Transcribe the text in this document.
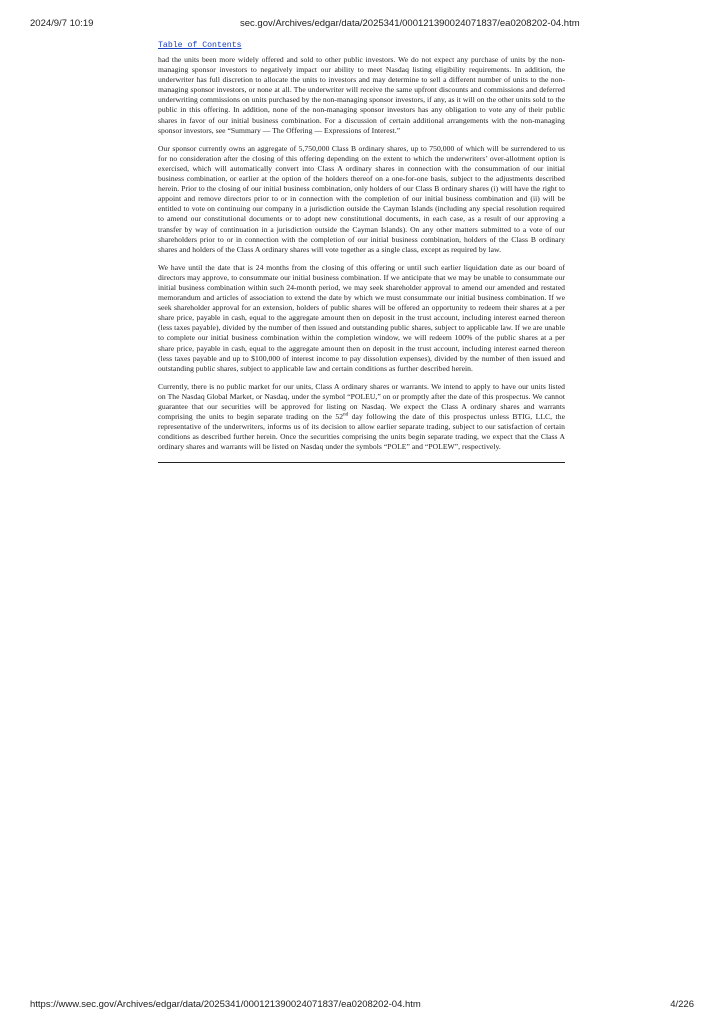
2024/9/7 10:19	sec.gov/Archives/edgar/data/2025341/000121390024071837/ea0208202-04.htm
Table of Contents

had the units been more widely offered and sold to other public investors. We do not expect any purchase of units by the non-managing sponsor investors to negatively impact our ability to meet Nasdaq listing eligibility requirements. In addition, the underwriter has full discretion to allocate the units to investors and may determine to sell a different number of units to the non-managing sponsor investors, or none at all. The underwriter will receive the same upfront discounts and commissions and deferred underwriting commissions on units purchased by the non-managing sponsor investors, if any, as it will on the other units sold to the public in this offering. In addition, none of the non-managing sponsor investors has any obligation to vote any of their public shares in favor of our initial business combination. For a discussion of certain additional arrangements with the non-managing sponsor investors, see “Summary — The Offering — Expressions of Interest.”

Our sponsor currently owns an aggregate of 5,750,000 Class B ordinary shares, up to 750,000 of which will be surrendered to us for no consideration after the closing of this offering depending on the extent to which the underwriters’ over-allotment option is exercised, which will automatically convert into Class A ordinary shares in connection with the consummation of our initial business combination, or earlier at the option of the holders thereof on a one-for-one basis, subject to the adjustments described herein. Prior to the closing of our initial business combination, only holders of our Class B ordinary shares (i) will have the right to appoint and remove directors prior to or in connection with the completion of our initial business combination and (ii) will be entitled to vote on continuing our company in a jurisdiction outside the Cayman Islands (including any special resolution required to amend our constitutional documents or to adopt new constitutional documents, in each case, as a result of our approving a transfer by way of continuation in a jurisdiction outside the Cayman Islands). On any other matters submitted to a vote of our shareholders prior to or in connection with the completion of our initial business combination, holders of the Class B ordinary shares and holders of the Class A ordinary shares will vote together as a single class, except as required by law.

We have until the date that is 24 months from the closing of this offering or until such earlier liquidation date as our board of directors may approve, to consummate our initial business combination. If we anticipate that we may be unable to consummate our initial business combination within such 24-month period, we may seek shareholder approval to amend our amended and restated memorandum and articles of association to extend the date by which we must consummate our initial business combination. If we seek shareholder approval for an extension, holders of public shares will be offered an opportunity to redeem their shares at a per share price, payable in cash, equal to the aggregate amount then on deposit in the trust account, including interest earned thereon (less taxes payable), divided by the number of then issued and outstanding public shares, subject to applicable law. If we are unable to complete our initial business combination within the completion window, we will redeem 100% of the public shares at a per share price, payable in cash, equal to the aggregate amount then on deposit in the trust account, including interest earned thereon (less taxes payable and up to $100,000 of interest income to pay dissolution expenses), divided by the number of then issued and outstanding public shares, subject to applicable law and certain conditions as further described herein.

Currently, there is no public market for our units, Class A ordinary shares or warrants. We intend to apply to have our units listed on The Nasdaq Global Market, or Nasdaq, under the symbol “POLEU,” on or promptly after the date of this prospectus. We cannot guarantee that our securities will be approved for listing on Nasdaq. We expect the Class A ordinary shares and warrants comprising the units to begin separate trading on the 52nd day following the date of this prospectus unless BTIG, LLC, the representative of the underwriters, informs us of its decision to allow earlier separate trading, subject to our satisfaction of certain conditions as described further herein. Once the securities comprising the units begin separate trading, we expect that the Class A ordinary shares and warrants will be listed on Nasdaq under the symbols “POLE” and “POLEW”, respectively.

https://www.sec.gov/Archives/edgar/data/2025341/000121390024071837/ea0208202-04.htm	4/226
